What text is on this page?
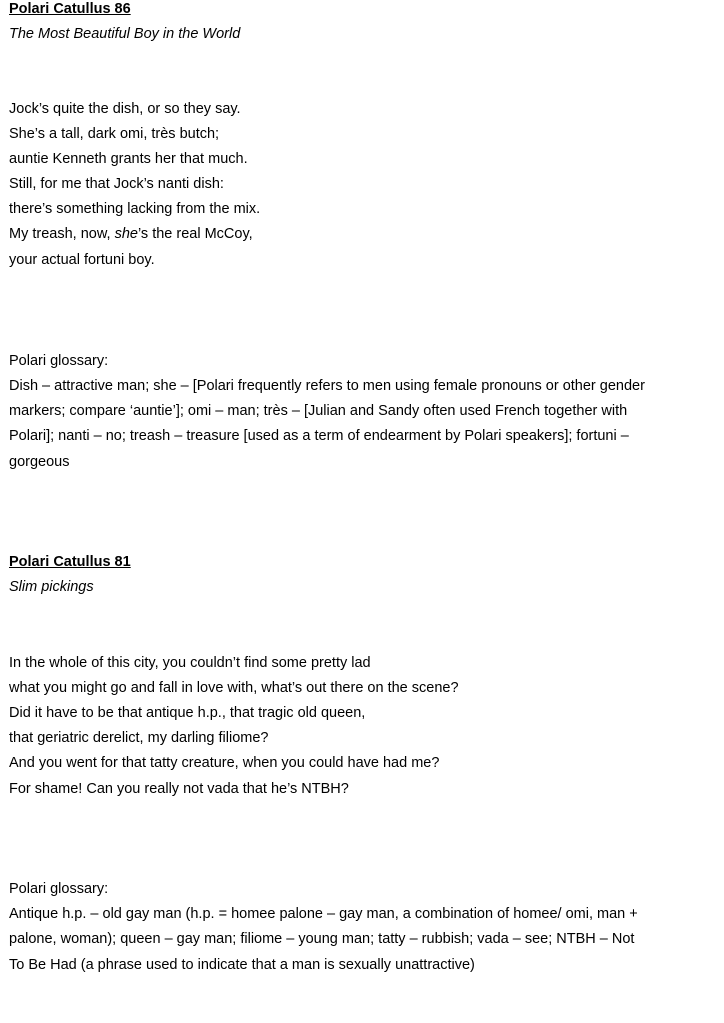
Polari Catullus 86
The Most Beautiful Boy in the World
Jock’s quite the dish, or so they say.
She’s a tall, dark omi, très butch;
auntie Kenneth grants her that much.
Still, for me that Jock’s nanti dish:
there’s something lacking from the mix.
My treash, now, she’s the real McCoy,
your actual fortuni boy.
Polari glossary:
Dish – attractive man; she – [Polari frequently refers to men using female pronouns or other gender
markers; compare ‘auntie’]; omi – man; très – [Julian and Sandy often used French together with
Polari]; nanti – no; treash – treasure [used as a term of endearment by Polari speakers]; fortuni –
gorgeous
Polari Catullus 81
Slim pickings
In the whole of this city, you couldn’t find some pretty lad
what you might go and fall in love with, what’s out there on the scene?
Did it have to be that antique h.p., that tragic old queen,
that geriatric derelict, my darling filiome?
And you went for that tatty creature, when you could have had me?
For shame! Can you really not vada that he’s NTBH?
Polari glossary:
Antique h.p. – old gay man (h.p. = homee palone – gay man, a combination of homee/ omi, man +
palone, woman); queen – gay man; filiome – young man; tatty – rubbish; vada – see; NTBH – Not
To Be Had (a phrase used to indicate that a man is sexually unattractive)
